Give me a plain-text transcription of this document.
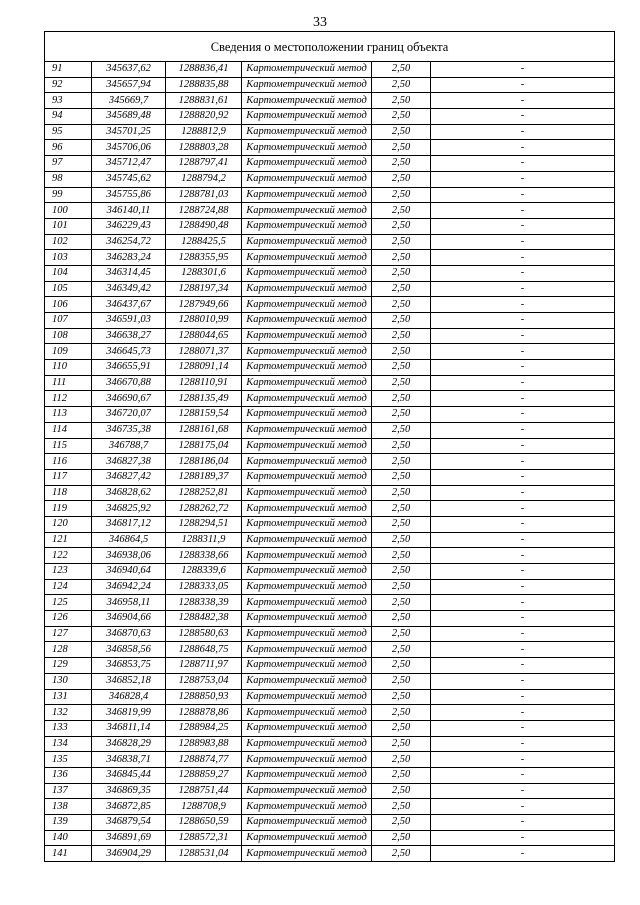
33
Сведения о местоположении границ объекта					
91	345637,62	1288836,41	Картометрический метод	2,50	-
92	345657,94	1288835,88	Картометрический метод	2,50	-
93	345669,7	1288831,61	Картометрический метод	2,50	-
94	345689,48	1288820,92	Картометрический метод	2,50	-
95	345701,25	1288812,9	Картометрический метод	2,50	-
96	345706,06	1288803,28	Картометрический метод	2,50	-
97	345712,47	1288797,41	Картометрический метод	2,50	-
98	345745,62	1288794,2	Картометрический метод	2,50	-
99	345755,86	1288781,03	Картометрический метод	2,50	-
100	346140,11	1288724,88	Картометрический метод	2,50	-
101	346229,43	1288490,48	Картометрический метод	2,50	-
102	346254,72	1288425,5	Картометрический метод	2,50	-
103	346283,24	1288355,95	Картометрический метод	2,50	-
104	346314,45	1288301,6	Картометрический метод	2,50	-
105	346349,42	1288197,34	Картометрический метод	2,50	-
106	346437,67	1287949,66	Картометрический метод	2,50	-
107	346591,03	1288010,99	Картометрический метод	2,50	-
108	346638,27	1288044,65	Картометрический метод	2,50	-
109	346645,73	1288071,37	Картометрический метод	2,50	-
110	346655,91	1288091,14	Картометрический метод	2,50	-
111	346670,88	1288110,91	Картометрический метод	2,50	-
112	346690,67	1288135,49	Картометрический метод	2,50	-
113	346720,07	1288159,54	Картометрический метод	2,50	-
114	346735,38	1288161,68	Картометрический метод	2,50	-
115	346788,7	1288175,04	Картометрический метод	2,50	-
116	346827,38	1288186,04	Картометрический метод	2,50	-
117	346827,42	1288189,37	Картометрический метод	2,50	-
118	346828,62	1288252,81	Картометрический метод	2,50	-
119	346825,92	1288262,72	Картометрический метод	2,50	-
120	346817,12	1288294,51	Картометрический метод	2,50	-
121	346864,5	1288311,9	Картометрический метод	2,50	-
122	346938,06	1288338,66	Картометрический метод	2,50	-
123	346940,64	1288339,6	Картометрический метод	2,50	-
124	346942,24	1288333,05	Картометрический метод	2,50	-
125	346958,11	1288338,39	Картометрический метод	2,50	-
126	346904,66	1288482,38	Картометрический метод	2,50	-
127	346870,63	1288580,63	Картометрический метод	2,50	-
128	346858,56	1288648,75	Картометрический метод	2,50	-
129	346853,75	1288711,97	Картометрический метод	2,50	-
130	346852,18	1288753,04	Картометрический метод	2,50	-
131	346828,4	1288850,93	Картометрический метод	2,50	-
132	346819,99	1288878,86	Картометрический метод	2,50	-
133	346811,14	1288984,25	Картометрический метод	2,50	-
134	346828,29	1288983,88	Картометрический метод	2,50	-
135	346838,71	1288874,77	Картометрический метод	2,50	-
136	346845,44	1288859,27	Картометрический метод	2,50	-
137	346869,35	1288751,44	Картометрический метод	2,50	-
138	346872,85	1288708,9	Картометрический метод	2,50	-
139	346879,54	1288650,59	Картометрический метод	2,50	-
140	346891,69	1288572,31	Картометрический метод	2,50	-
141	346904,29	1288531,04	Картометрический метод	2,50	-
